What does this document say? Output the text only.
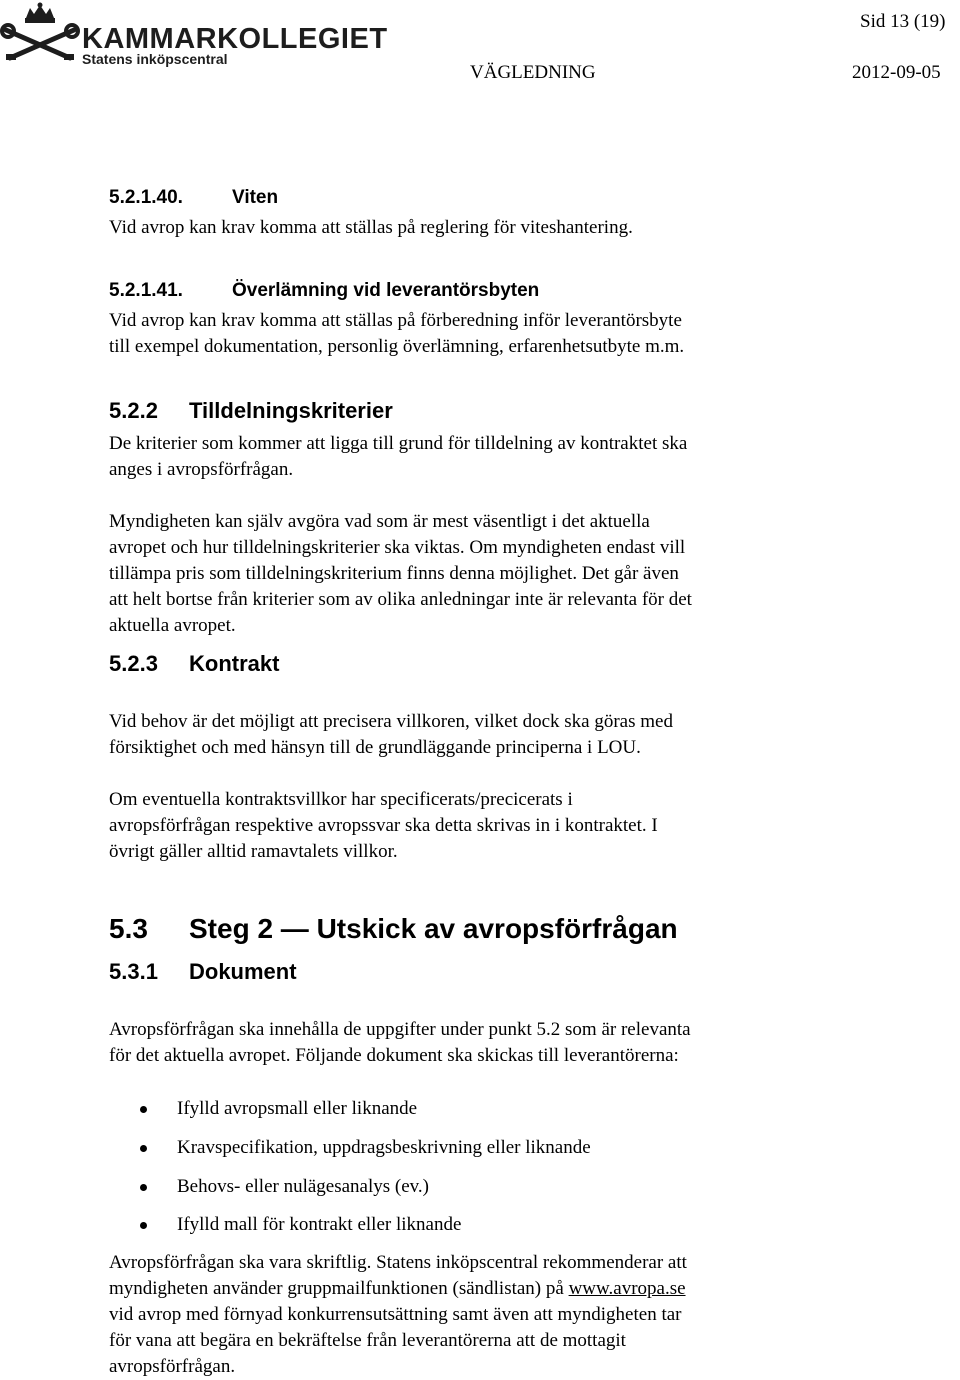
KAMMARKOLLEGIET
Statens inköpscentral
Sid 13 (19)
VÄGLEDNING	2012-09-05
5.2.1.40.	Viten
Vid avrop kan krav komma att ställas på reglering för viteshantering.
5.2.1.41.	Överlämning vid leverantörsbyten
Vid avrop kan krav komma att ställas på förberedning inför leverantörsbyte
till exempel dokumentation, personlig överlämning, erfarenhetsutbyte m.m.
5.2.2 Tilldelningskriterier
De kriterier som kommer att ligga till grund för tilldelning av kontraktet ska
anges i avropsförfrågan.
Myndigheten kan själv avgöra vad som är mest väsentligt i det aktuella
avropet och hur tilldelningskriterier ska viktas. Om myndigheten endast vill
tillämpa pris som tilldelningskriterium finns denna möjlighet. Det går även
att helt bortse från kriterier som av olika anledningar inte är relevanta för det
aktuella avropet.
5.2.3 Kontrakt
Vid behov är det möjligt att precisera villkoren, vilket dock ska göras med
försiktighet och med hänsyn till de grundläggande principerna i LOU.
Om eventuella kontraktsvillkor har specificerats/precicerats i
avropsförfrågan respektive avropssvar ska detta skrivas in i kontraktet. I
övrigt gäller alltid ramavtalets villkor.
5.3 Steg 2 — Utskick av avropsförfrågan
5.3.1 Dokument
Avropsförfrågan ska innehålla de uppgifter under punkt 5.2 som är relevanta
för det aktuella avropet. Följande dokument ska skickas till leverantörerna:
Ifylld avropsmall eller liknande
Kravspecifikation, uppdragsbeskrivning eller liknande
Behovs- eller nulägesanalys (ev.)
Ifylld mall för kontrakt eller liknande
Avropsförfrågan ska vara skriftlig. Statens inköpscentral rekommenderar att
myndigheten använder gruppmailfunktionen (sändlistan) på www.avropa.se
vid avrop med förnyad konkurrensutsättning samt även att myndigheten tar
för vana att begära en bekräftelse från leverantörerna att de mottagit
avropsförfrågan.
